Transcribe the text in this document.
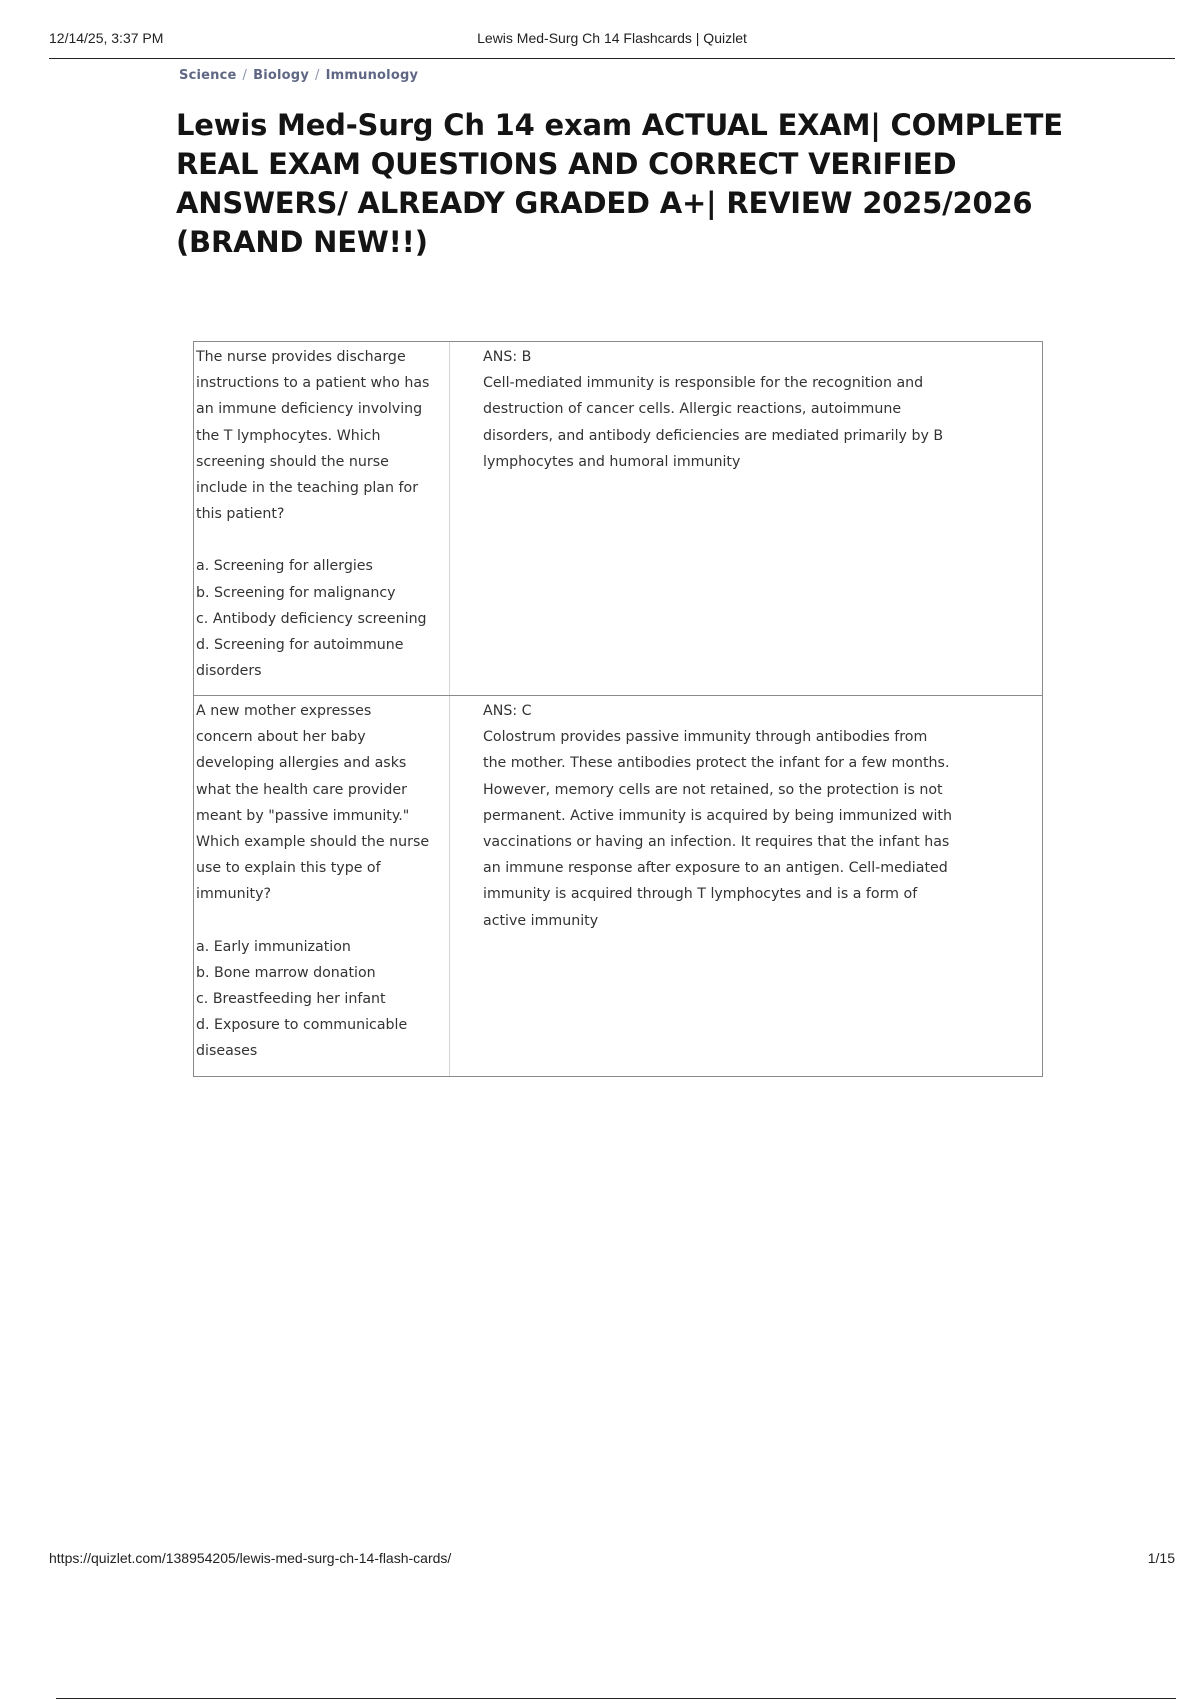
12/14/25, 3:37 PM	Lewis Med-Surg Ch 14 Flashcards | Quizlet
Science / Biology / Immunology
Lewis Med-Surg Ch 14 exam ACTUAL EXAM| COMPLETE REAL EXAM QUESTIONS AND CORRECT VERIFIED ANSWERS/ ALREADY GRADED A+| REVIEW 2025/2026 (BRAND NEW!!)

The nurse provides discharge
instructions to a patient who has
an immune deficiency involving
the T lymphocytes. Which
screening should the nurse
include in the teaching plan for
this patient?

a. Screening for allergies
b. Screening for malignancy
c. Antibody deficiency screening
d. Screening for autoimmune
disorders
ANS: B
Cell-mediated immunity is responsible for the recognition and
destruction of cancer cells. Allergic reactions, autoimmune
disorders, and antibody deficiencies are mediated primarily by B
lymphocytes and humoral immunity

A new mother expresses
concern about her baby
developing allergies and asks
what the health care provider
meant by "passive immunity."
Which example should the nurse
use to explain this type of
immunity?

a. Early immunization
b. Bone marrow donation
c. Breastfeeding her infant
d. Exposure to communicable
diseases
ANS: C
Colostrum provides passive immunity through antibodies from
the mother. These antibodies protect the infant for a few months.
However, memory cells are not retained, so the protection is not
permanent. Active immunity is acquired by being immunized with
vaccinations or having an infection. It requires that the infant has
an immune response after exposure to an antigen. Cell-mediated
immunity is acquired through T lymphocytes and is a form of
active immunity
https://quizlet.com/138954205/lewis-med-surg-ch-14-flash-cards/	1/15
